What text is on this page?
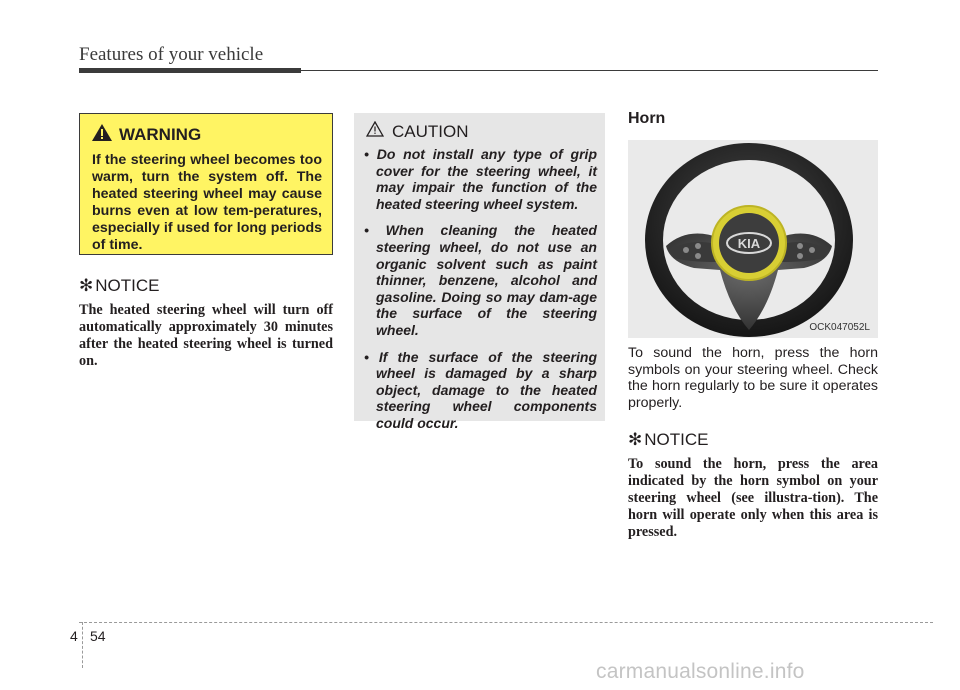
Features of your vehicle
WARNING
If the steering wheel becomes too warm, turn the system off. The heated steering wheel may cause burns even at low tem-peratures, especially if used for long periods of time.
✻ NOTICE
The heated steering wheel will turn off automatically approximately 30 minutes after the heated steering wheel is turned on.
CAUTION
• Do not install any type of grip cover for the steering wheel, it may impair the function of the heated steering wheel system.
• When cleaning the heated steering wheel, do not use an organic solvent such as paint thinner, benzene, alcohol and gasoline. Doing so may dam-age the surface of the steering wheel.
• If the surface of the steering wheel is damaged by a sharp object, damage to the heated steering wheel components could occur.
Horn
KIA
OCK047052L
To sound the horn, press the horn symbols on your steering wheel. Check the horn regularly to be sure it operates properly.
✻ NOTICE
To sound the horn, press the area indicated by the horn symbol on your steering wheel (see illustra-tion). The horn will operate only when this area is pressed.
4 54
carmanualsonline.info
